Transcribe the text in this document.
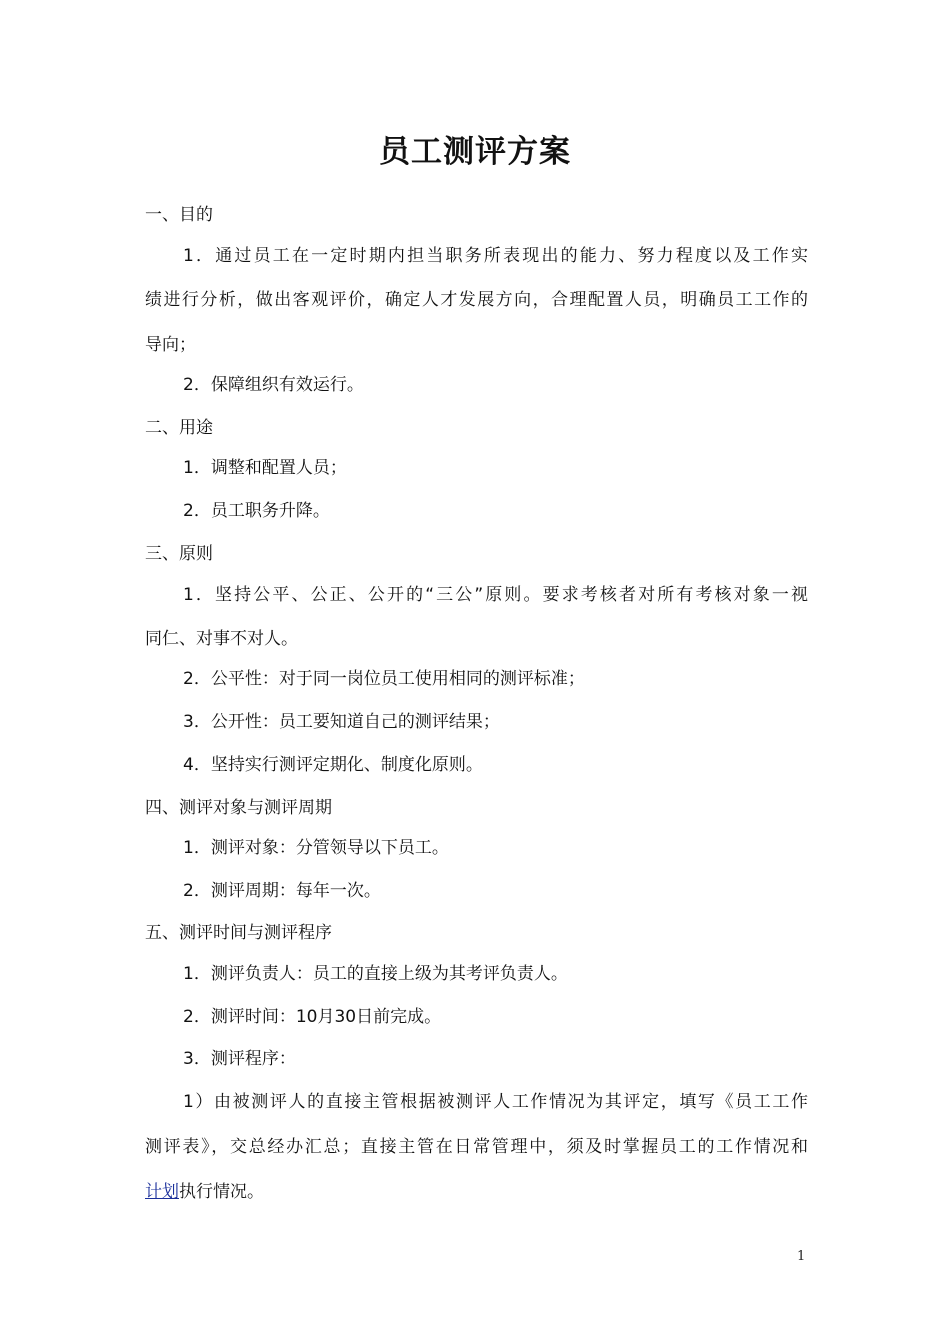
员工测评方案
一、目的
1．通过员工在一定时期内担当职务所表现出的能力、努力程度以及工作实
绩进行分析，做出客观评价，确定人才发展方向，合理配置人员，明确员工工作的
导向；
2．保障组织有效运行。
二、用途
1．调整和配置人员；
2．员工职务升降。
三、原则
1．坚持公平、公正、公开的“三公”原则。要求考核者对所有考核对象一视
同仁、对事不对人。
2．公平性：对于同一岗位员工使用相同的测评标准；
3．公开性：员工要知道自己的测评结果；
4．坚持实行测评定期化、制度化原则。
四、测评对象与测评周期
1．测评对象：分管领导以下员工。
2．测评周期：每年一次。
五、测评时间与测评程序
1．测评负责人：员工的直接上级为其考评负责人。
2．测评时间：10月30日前完成。
3．测评程序：
1）由被测评人的直接主管根据被测评人工作情况为其评定，填写《员工工作
测评表》，交总经办汇总；直接主管在日常管理中，须及时掌握员工的工作情况和
计划执行情况。
1
